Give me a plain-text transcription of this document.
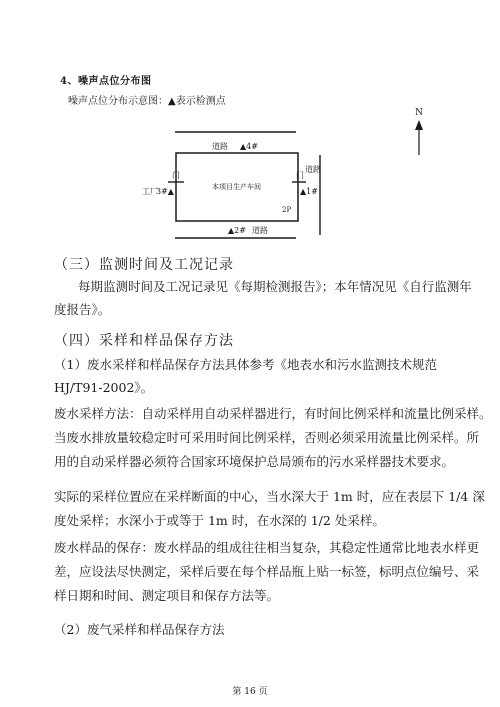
4、噪声点位分布图
噪声点位分布示意图：▲表示检测点
N
门	门
道路 ▲4#
工厂
3#▲	本项目生产车间	▲1#
道路
2P
▲2# 道路
（三）监测时间及工况记录
每期监测时间及工况记录见《每期检测报告》；本年情况见《自行监测年
度报告》。
（四）采样和样品保存方法
（1）废水采样和样品保存方法具体参考《地表水和污水监测技术规范
HJ/T91-2002》。
废水采样方法：自动采样用自动采样器进行，有时间比例采样和流量比例采样。
当废水排放量较稳定时可采用时间比例采样，否则必须采用流量比例采样。所
用的自动采样器必须符合国家环境保护总局颁布的污水采样器技术要求。
实际的采样位置应在采样断面的中心，当水深大于 1m 时，应在表层下 1/4 深
度处采样；水深小于或等于 1m 时，在水深的 1/2 处采样。
废水样品的保存：废水样品的组成往往相当复杂，其稳定性通常比地表水样更
差，应设法尽快测定，采样后要在每个样品瓶上贴一标签，标明点位编号、采
样日期和时间、测定项目和保存方法等。
（2）废气采样和样品保存方法
第 16 页
